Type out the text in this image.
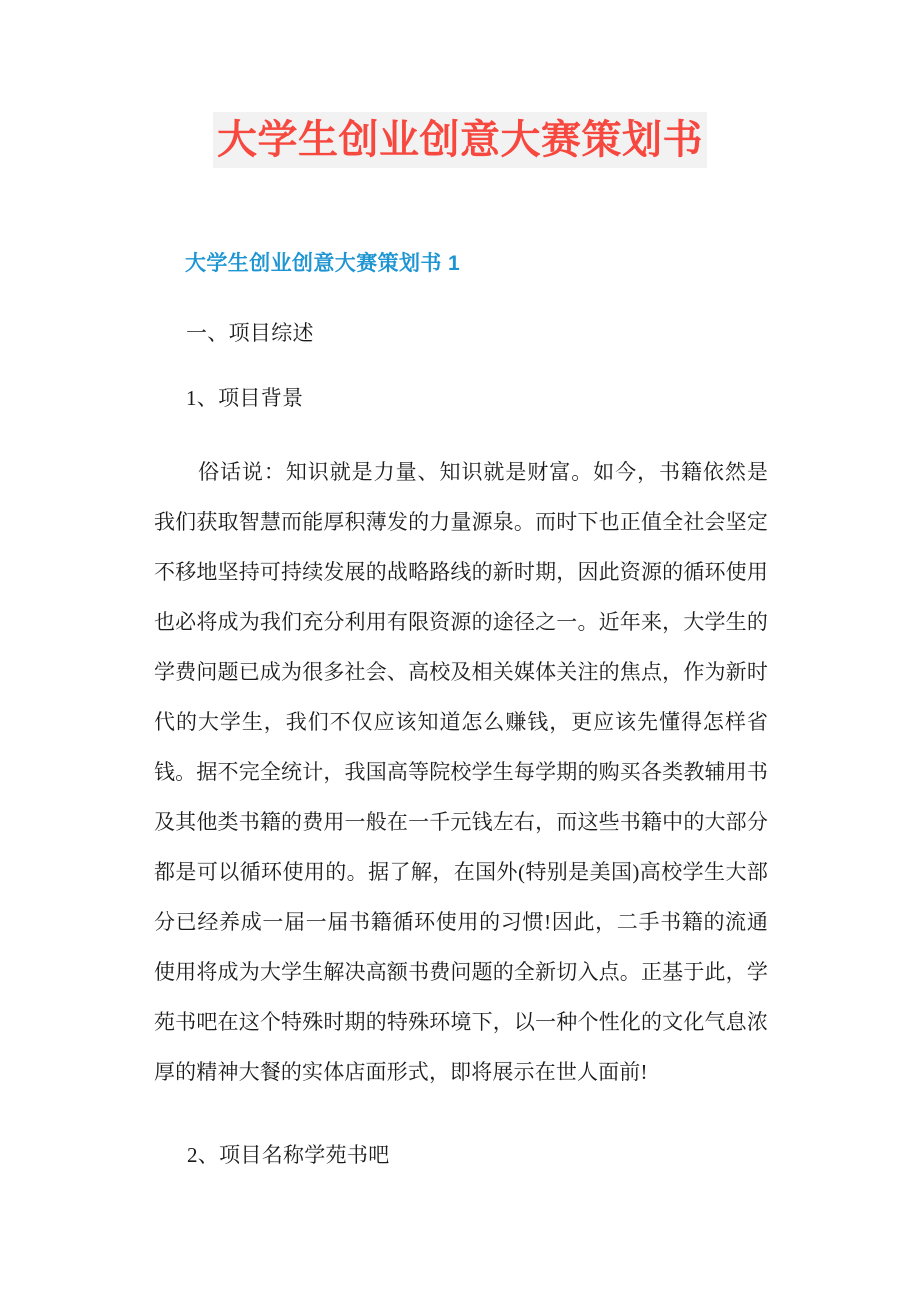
大学生创业创意大赛策划书
大学生创业创意大赛策划书 1
一、项目综述
1、项目背景

俗话说：知识就是力量、知识就是财富。如今，书籍依然是我们获取智慧而能厚积薄发的力量源泉。而时下也正值全社会坚定不移地坚持可持续发展的战略路线的新时期，因此资源的循环使用也必将成为我们充分利用有限资源的途径之一。近年来，大学生的学费问题已成为很多社会、高校及相关媒体关注的焦点，作为新时代的大学生，我们不仅应该知道怎么赚钱，更应该先懂得怎样省钱。据不完全统计，我国高等院校学生每学期的购买各类教辅用书及其他类书籍的费用一般在一千元钱左右，而这些书籍中的大部分都是可以循环使用的。据了解，在国外(特别是美国)高校学生大部分已经养成一届一届书籍循环使用的习惯!因此，二手书籍的流通使用将成为大学生解决高额书费问题的全新切入点。正基于此，学苑书吧在这个特殊时期的特殊环境下，以一种个性化的文化气息浓厚的精神大餐的实体店面形式，即将展示在世人面前!

2、项目名称学苑书吧
